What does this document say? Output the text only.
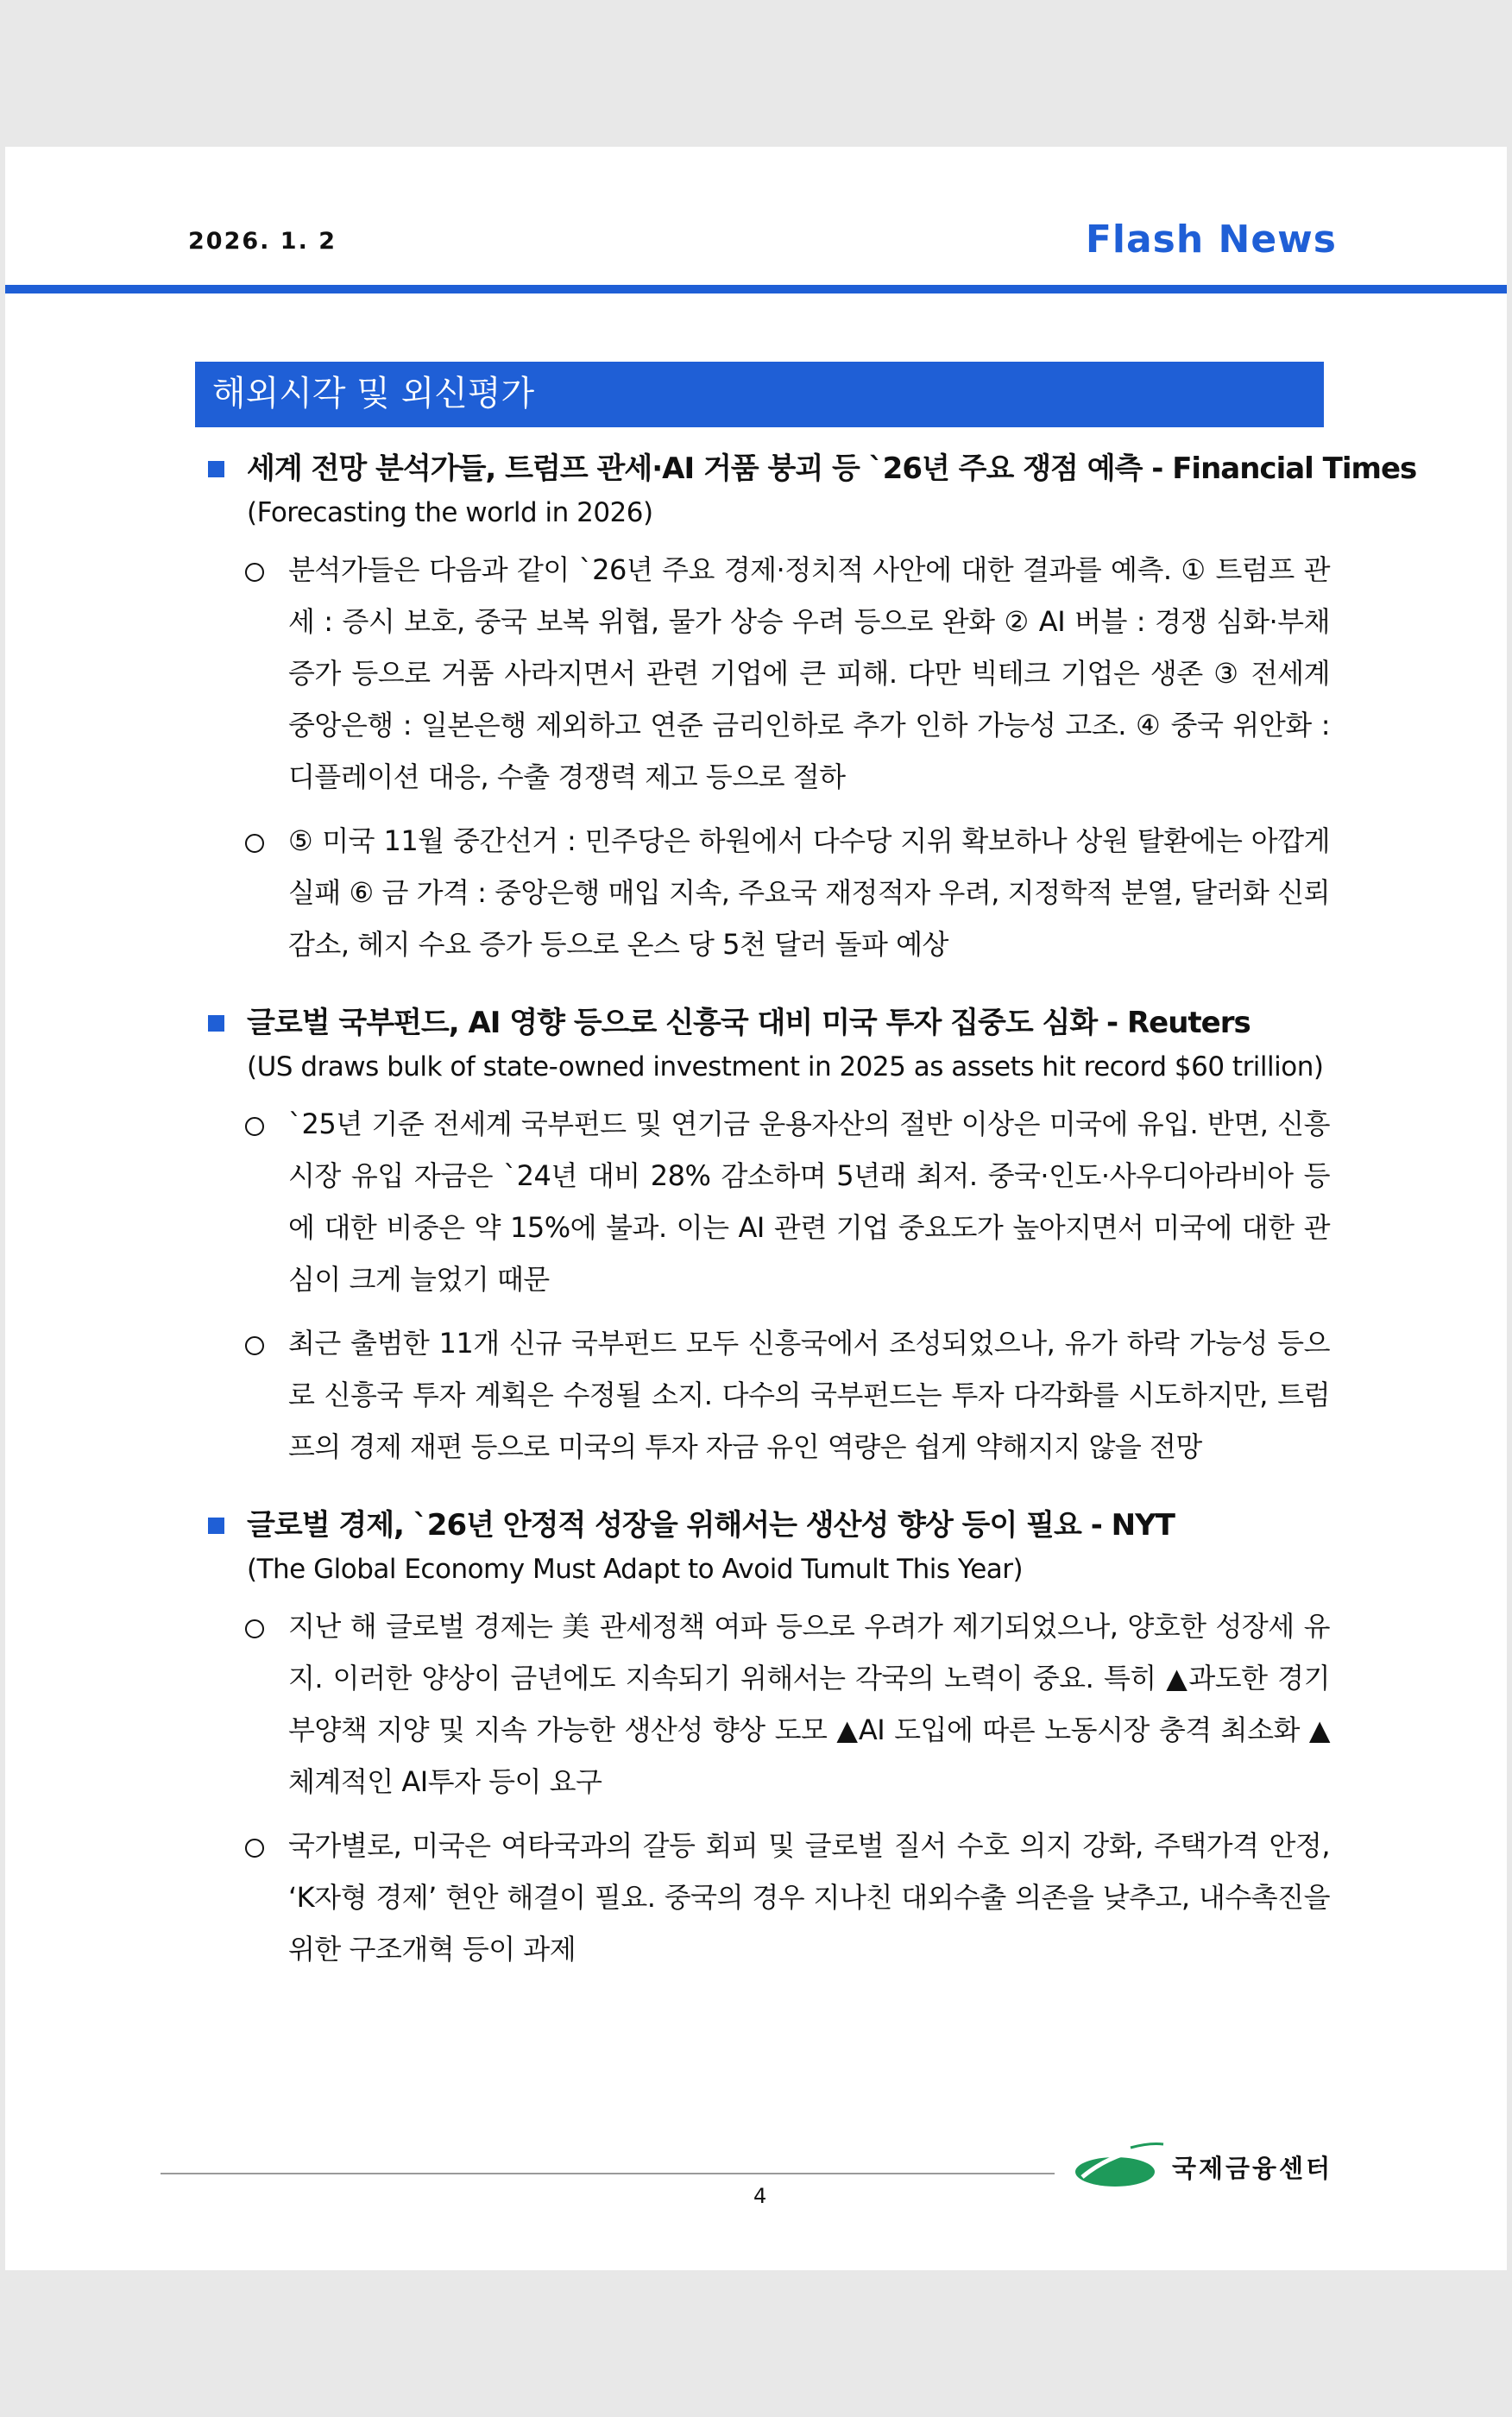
2026. 1. 2	Flash News
해외시각 및 외신평가
세계 전망 분석가들, 트럼프 관세·AI 거품 붕괴 등 `26년 주요 쟁점 예측 - Financial Times
(Forecasting the world in 2026)
분석가들은 다음과 같이 `26년 주요 경제·정치적 사안에 대한 결과를 예측. ① 트럼프 관세 : 증시 보호, 중국 보복 위협, 물가 상승 우려 등으로 완화 ② AI 버블 : 경쟁 심화·부채 증가 등으로 거품 사라지면서 관련 기업에 큰 피해. 다만 빅테크 기업은 생존 ③ 전세계 중앙은행 : 일본은행 제외하고 연준 금리인하로 추가 인하 가능성 고조. ④ 중국 위안화 : 디플레이션 대응, 수출 경쟁력 제고 등으로 절하
⑤ 미국 11월 중간선거 : 민주당은 하원에서 다수당 지위 확보하나 상원 탈환에는 아깝게 실패 ⑥ 금 가격 : 중앙은행 매입 지속, 주요국 재정적자 우려, 지정학적 분열, 달러화 신뢰 감소, 헤지 수요 증가 등으로 온스 당 5천 달러 돌파 예상
글로벌 국부펀드, AI 영향 등으로 신흥국 대비 미국 투자 집중도 심화 - Reuters
(US draws bulk of state-owned investment in 2025 as assets hit record $60 trillion)
`25년 기준 전세계 국부펀드 및 연기금 운용자산의 절반 이상은 미국에 유입. 반면, 신흥시장 유입 자금은 `24년 대비 28% 감소하며 5년래 최저. 중국·인도·사우디아라비아 등에 대한 비중은 약 15%에 불과. 이는 AI 관련 기업 중요도가 높아지면서 미국에 대한 관심이 크게 늘었기 때문
최근 출범한 11개 신규 국부펀드 모두 신흥국에서 조성되었으나, 유가 하락 가능성 등으로 신흥국 투자 계획은 수정될 소지. 다수의 국부펀드는 투자 다각화를 시도하지만, 트럼프의 경제 재편 등으로 미국의 투자 자금 유인 역량은 쉽게 약해지지 않을 전망
글로벌 경제, `26년 안정적 성장을 위해서는 생산성 향상 등이 필요 - NYT
(The Global Economy Must Adapt to Avoid Tumult This Year)
지난 해 글로벌 경제는 美 관세정책 여파 등으로 우려가 제기되었으나, 양호한 성장세 유지. 이러한 양상이 금년에도 지속되기 위해서는 각국의 노력이 중요. 특히 ▲과도한 경기부양책 지양 및 지속 가능한 생산성 향상 도모 ▲AI 도입에 따른 노동시장 충격 최소화 ▲체계적인 AI투자 등이 요구
국가별로, 미국은 여타국과의 갈등 회피 및 글로벌 질서 수호 의지 강화, 주택가격 안정, ‘K자형 경제’ 현안 해결이 필요. 중국의 경우 지나친 대외수출 의존을 낮추고, 내수촉진을 위한 구조개혁 등이 과제
국제금융센터
4
